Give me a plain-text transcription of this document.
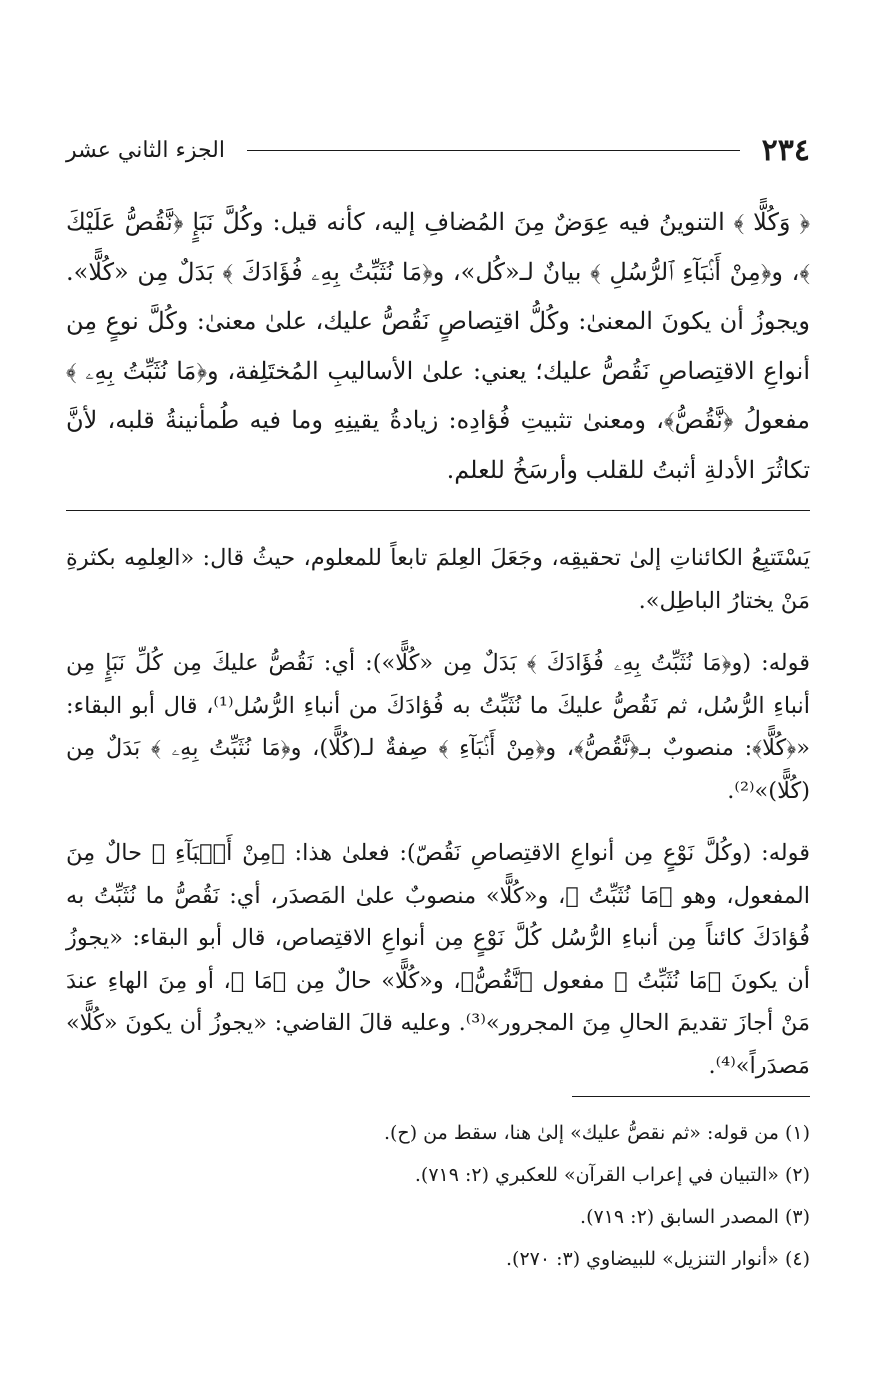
٢٣٤
الجزء الثاني عشر
﴿ وَكُلًّا ﴾ التنوينُ فيه عِوَضٌ مِنَ المُضافِ إليه، كأنه قيل: وكُلَّ نَبَإٍ ﴿نَّقُصُّ عَلَيْكَ ﴾، و﴿مِنْ أَنۢبَآءِ ٱلرُّسُلِ ﴾ بيانٌ لـ«كُل»، و﴿مَا نُثَبِّتُ بِهِۦ فُؤَادَكَ ﴾ بَدَلٌ مِن «كُلًّا». ويجوزُ أن يكونَ المعنىٰ: وكُلُّ اقتِصاصٍ نَقُصُّ عليك، علىٰ معنىٰ: وكُلَّ نوعٍ مِن أنواعِ الاقتِصاصِ نَقُصُّ عليك؛ يعني: علىٰ الأساليبِ المُختَلِفة، و﴿مَا نُثَبِّتُ بِهِۦ ﴾ مفعولُ ﴿نَّقُصُّ﴾، ومعنىٰ تثبيتِ فُؤادِه: زيادةُ يقينِهِ وما فيه طُمأنينةُ قلبه، لأنَّ تكاثُرَ الأدلةِ أثبتُ للقلب وأرسَخُ للعلم.

يَسْتَتبِعُ الكائناتِ إلىٰ تحقيقِه، وجَعَلَ العِلمَ تابعاً للمعلوم، حيثُ قال: «العِلمِه بكثرةِ مَنْ يختارُ الباطِل».

قوله: (و﴿مَا نُثَبِّتُ بِهِۦ فُؤَادَكَ ﴾ بَدَلٌ مِن «كُلًّا»): أي: نَقُصُّ عليكَ مِن كُلِّ نَبَإٍ مِن أنباءِ الرُّسُل، ثم نَقُصُّ عليكَ ما نُثَبِّتُ به فُؤادَكَ من أنباءِ الرُّسُل⁽¹⁾، قال أبو البقاء: «﴿كُلًّا﴾: منصوبٌ بـ﴿نَّقُصُّ﴾، و﴿مِنْ أَنۢبَآءِ ﴾ صِفةٌ لـ(كُلًّا)، و﴿مَا نُثَبِّتُ بِهِۦ ﴾ بَدَلٌ مِن (كُلًّا)»⁽²⁾.

قوله: (وكُلَّ نَوْعٍ مِن أنواعِ الاقتِصاصِ نَقُصّ): فعلىٰ هذا: ﴿مِنْ أَنۢبَآءِ ﴾ حالٌ مِنَ المفعول، وهو ﴿مَا نُثَبِّتُ ﴾، و«كُلًّا» منصوبٌ علىٰ المَصدَر، أي: نَقُصُّ ما نُثَبِّتُ به فُؤادَكَ كائناً مِن أنباءِ الرُّسُل كُلَّ نَوْعٍ مِن أنواعِ الاقتِصاص، قال أبو البقاء: «يجوزُ أن يكونَ ﴿مَا نُثَبِّتُ ﴾ مفعول ﴿نَّقُصُّ﴾، و«كُلًّا» حالٌ مِن ﴿مَا ﴾، أو مِنَ الهاءِ عندَ مَنْ أجازَ تقديمَ الحالِ مِنَ المجرور»⁽³⁾. وعليه قالَ القاضي: «يجوزُ أن يكونَ «كُلًّا» مَصدَراً»⁽⁴⁾.

(١) من قوله: «ثم نقصُّ عليك» إلىٰ هنا، سقط من (ح).
(٢) «التبيان في إعراب القرآن» للعكبري (٢: ٧١٩).
(٣) المصدر السابق (٢: ٧١٩).
(٤) «أنوار التنزيل» للبيضاوي (٣: ٢٧٠).
